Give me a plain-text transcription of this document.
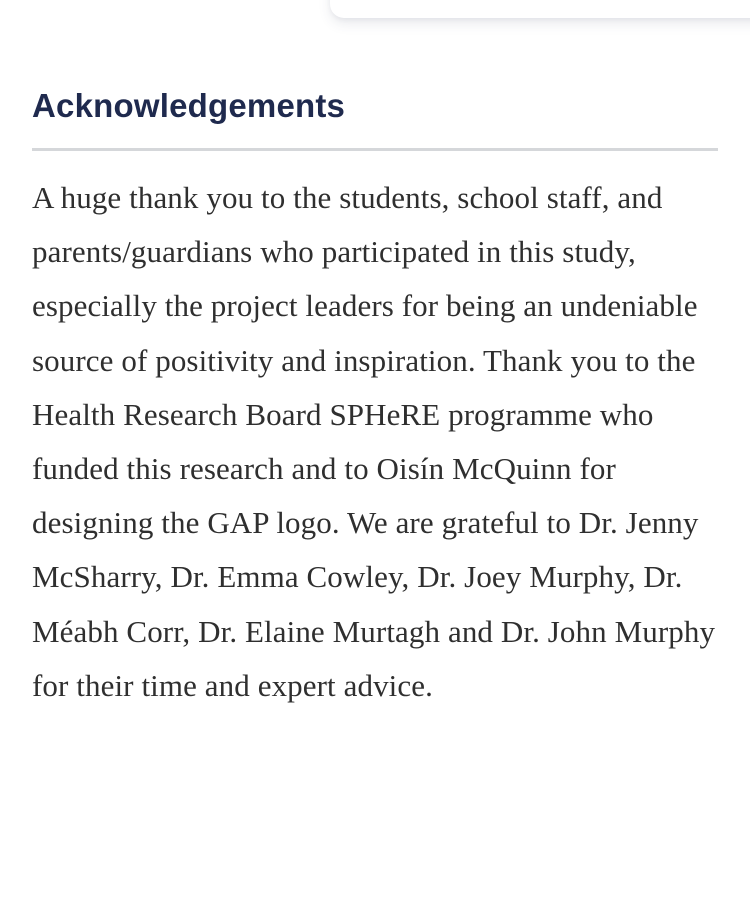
Acknowledgements

A huge thank you to the students, school staff, and parents/guardians who participated in this study, especially the project leaders for being an undeniable source of positivity and inspiration. Thank you to the Health Research Board SPHeRE programme who funded this research and to Oisín McQuinn for designing the GAP logo. We are grateful to Dr. Jenny McSharry, Dr. Emma Cowley, Dr. Joey Murphy, Dr. Méabh Corr, Dr. Elaine Murtagh and Dr. John Murphy for their time and expert advice.
